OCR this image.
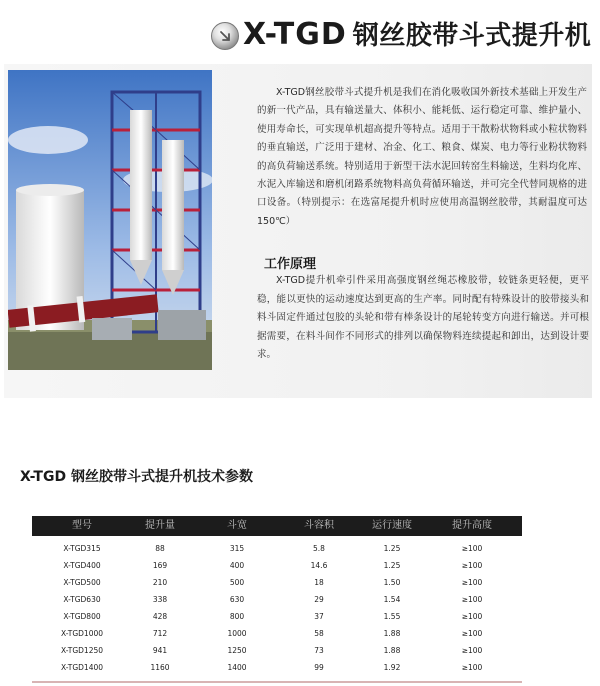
X-TGD 钢丝胶带斗式提升机

X-TGD钢丝胶带斗式提升机是我们在消化吸收国外新技术基础上开发生产的新一代产品，具有输送量大、体积小、能耗低、运行稳定可靠、维护量小、使用寿命长，可实现单机超高提升等特点。适用于干散粉状物料或小粒状物料的垂直输送，广泛用于建材、冶金、化工、粮食、煤炭、电力等行业粉状物料的高负荷输送系统。特别适用于新型干法水泥回转窑生料输送，生料均化库、水泥入库输送和磨机闭路系统物料高负荷循环输送，并可完全代替同规格的进口设备。（特别提示：在选富尾提升机时应使用高温钢丝胶带，其耐温度可达150℃）

工作原理

X-TGD提升机牵引件采用高强度钢丝绳芯橡胶带，较链条更轻便，更平稳，能以更快的运动速度达到更高的生产率。同时配有特殊设计的胶带接头和料斗固定件通过包胶的头轮和带有棒条设计的尾轮转变方向进行输送。并可根据需要，在料斗间作不同形式的排列以确保物料连续提起和卸出，达到设计要求。

X-TGD 钢丝胶带斗式提升机技术参数
型号	提升量	斗宽	斗容积	运行速度	提升高度
X-TGD315	88	315	5.8	1.25	≥100
X-TGD400	169	400	14.6	1.25	≥100
X-TGD500	210	500	18	1.50	≥100
X-TGD630	338	630	29	1.54	≥100
X-TGD800	428	800	37	1.55	≥100
X-TGD1000	712	1000	58	1.88	≥100
X-TGD1250	941	1250	73	1.88	≥100
X-TGD1400	1160	1400	99	1.92	≥100
